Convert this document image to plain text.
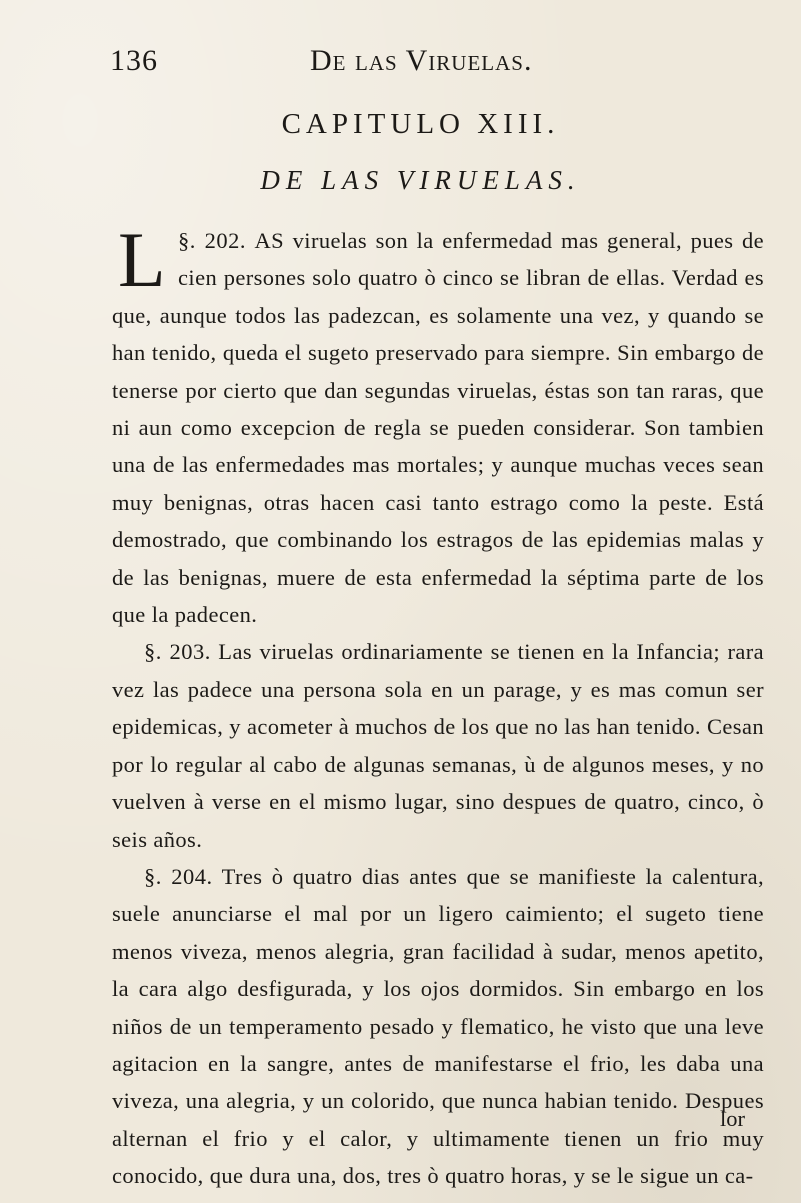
136	De las Viruelas.
CAPITULO XIII.
DE LAS VIRUELAS.

§. 202.
L	AS viruelas son la enfermedad mas general, pues de cien persones solo quatro ò cinco se libran de ellas. Verdad es que, aunque todos las padezcan, es solamente una vez, y quando se han tenido, queda el sugeto preservado para siempre. Sin embargo de tenerse por cierto que dan segundas viruelas, éstas son tan raras, que ni aun como excepcion de regla se pueden considerar. Son tambien una de las enfermedades mas mortales; y aunque muchas veces sean muy benignas, otras hacen casi tanto estrago como la peste. Está demostrado, que combinando los estragos de las epidemias malas y de las benignas, muere de esta enfermedad la séptima parte de los que la padecen.

§. 203. Las viruelas ordinariamente se tienen en la Infancia; rara vez las padece una persona sola en un parage, y es mas comun ser epidemicas, y acometer à muchos de los que no las han tenido. Cesan por lo regular al cabo de algunas semanas, ù de algunos meses, y no vuelven à verse en el mismo lugar, sino despues de quatro, cinco, ò seis años.

§. 204. Tres ò quatro dias antes que se manifieste la calentura, suele anunciarse el mal por un ligero caimiento; el sugeto tiene menos viveza, menos alegria, gran facilidad à sudar, menos apetito, la cara algo desfigurada, y los ojos dormidos. Sin embargo en los niños de un temperamento pesado y flematico, he visto que una leve agitacion en la sangre, antes de manifestarse el frio, les daba una viveza, una alegria, y un colorido, que nunca habian tenido. Despues alternan el frio y el calor, y ultimamente tienen un frio muy conocido, que dura una, dos, tres ò quatro horas, y se le sigue un ca-

lor
